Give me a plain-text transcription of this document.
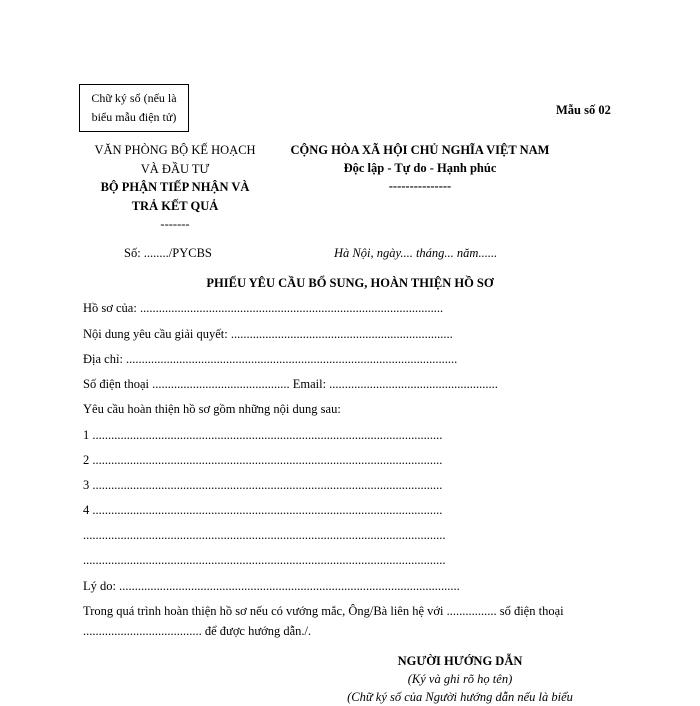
Chữ ký số (nếu là
biểu mẫu điện tử)	Mẫu số 02
VĂN PHÒNG BỘ KẾ HOẠCH
VÀ ĐẦU TƯ
BỘ PHẬN TIẾP NHẬN VÀ
TRẢ KẾT QUẢ
-------
CỘNG HÒA XÃ HỘI CHỦ NGHĨA VIỆT NAM
Độc lập - Tự do - Hạnh phúc
---------------
Số: ......../PYCBS	Hà Nội, ngày.... tháng... năm......
PHIẾU YÊU CẦU BỔ SUNG, HOÀN THIỆN HỒ SƠ
Hồ sơ của: .................................................................................................
Nội dung yêu cầu giải quyết: .......................................................................
Địa chỉ: ..........................................................................................................
Số điện thoại ............................................ Email: ......................................................
Yêu cầu hoàn thiện hồ sơ gồm những nội dung sau:
1 ................................................................................................................
2 ................................................................................................................
3 ................................................................................................................
4 ................................................................................................................
....................................................................................................................
....................................................................................................................
Lý do: .............................................................................................................
Trong quá trình hoàn thiện hồ sơ nếu có vướng mắc, Ông/Bà liên hệ với ................ số điện thoại ...................................... để được hướng dẫn./.
NGƯỜI HƯỚNG DẪN
(Ký và ghi rõ họ tên)
(Chữ ký số của Người hướng dẫn nếu là biểu
